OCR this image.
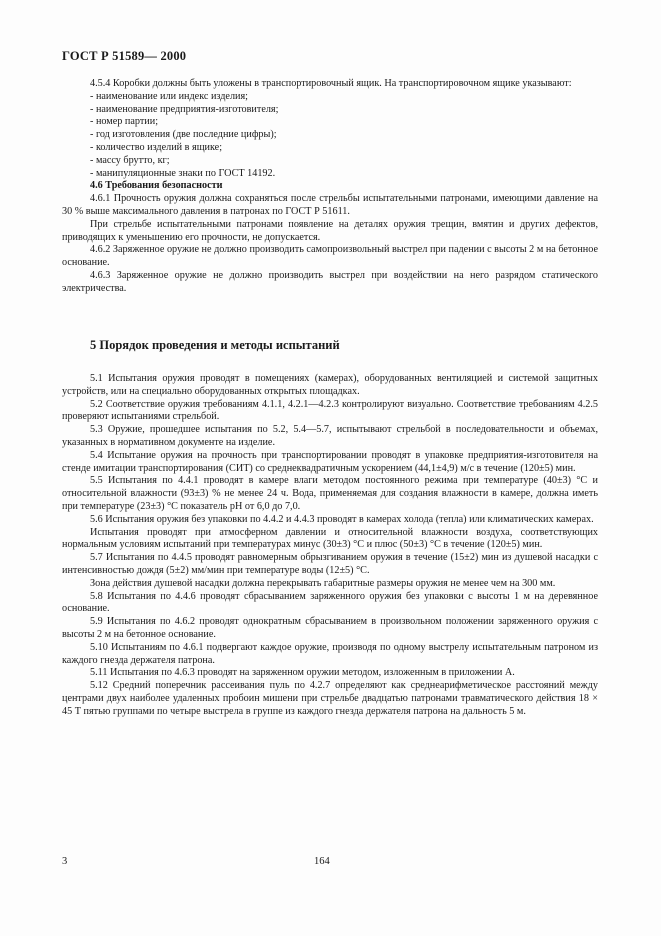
ГОСТ Р 51589— 2000

4.5.4 Коробки должны быть уложены в транспортировочный ящик. На транспортировочном ящике указывают:

- наименование или индекс изделия;

- наименование предприятия-изготовителя;

- номер партии;

- год изготовления (две последние цифры);

- количество изделий в ящике;

- массу брутто, кг;

- манипуляционные знаки по ГОСТ 14192.

4.6 Требования безопасности

4.6.1 Прочность оружия должна сохраняться после стрельбы испытательными патронами, имеющими давление на 30 % выше максимального давления в патронах по ГОСТ Р 51611.

При стрельбе испытательными патронами появление на деталях оружия трещин, вмятин и других дефектов, приводящих к уменьшению его прочности, не допускается.

4.6.2 Заряженное оружие не должно производить самопроизвольный выстрел при падении с высоты 2 м на бетонное основание.

4.6.3 Заряженное оружие не должно производить выстрел при воздействии на него разрядом статического электричества.

5 Порядок проведения и методы испытаний

5.1 Испытания оружия проводят в помещениях (камерах), оборудованных вентиляцией и системой защитных устройств, или на специально оборудованных открытых площадках.

5.2 Соответствие оружия требованиям 4.1.1, 4.2.1—4.2.3 контролируют визуально. Соответствие требованиям 4.2.5 проверяют испытаниями стрельбой.

5.3 Оружие, прошедшее испытания по 5.2, 5.4—5.7, испытывают стрельбой в последовательности и объемах, указанных в нормативном документе на изделие.

5.4 Испытание оружия на прочность при транспортировании проводят в упаковке предприятия-изготовителя на стенде имитации транспортирования (СИТ) со среднеквадратичным ускорением (44,1±4,9) м/с в течение (120±5) мин.

5.5 Испытания по 4.4.1 проводят в камере влаги методом постоянного режима при температуре (40±3) °С и относительной влажности (93±3) % не менее 24 ч. Вода, применяемая для создания влажности в камере, должна иметь при температуре (23±3) °С показатель pH от 6,0 до 7,0.

5.6 Испытания оружия без упаковки по 4.4.2 и 4.4.3 проводят в камерах холода (тепла) или климатических камерах.

Испытания проводят при атмосферном давлении и относительной влажности воздуха, соответствующих нормальным условиям испытаний при температурах минус (30±3) °С и плюс (50±3) °С в течение (120±5) мин.

5.7 Испытания по 4.4.5 проводят равномерным обрызгиванием оружия в течение (15±2) мин из душевой насадки с интенсивностью дождя (5±2) мм/мин при температуре воды (12±5) °С.

Зона действия душевой насадки должна перекрывать габаритные размеры оружия не менее чем на 300 мм.

5.8 Испытания по 4.4.6 проводят сбрасыванием заряженного оружия без упаковки с высоты 1 м на деревянное основание.

5.9 Испытания по 4.6.2 проводят однократным сбрасыванием в произвольном положении заряженного оружия с высоты 2 м на бетонное основание.

5.10 Испытаниям по 4.6.1 подвергают каждое оружие, производя по одному выстрелу испытательным патроном из каждого гнезда держателя патрона.

5.11 Испытания по 4.6.3 проводят на заряженном оружии методом, изложенным в приложении А.

5.12 Средний поперечник рассеивания пуль по 4.2.7 определяют как среднеарифметическое расстояний между центрами двух наиболее удаленных пробоин мишени при стрельбе двадцатью патронами травматического действия 18 × 45 Т пятью группами по четыре выстрела в группе из каждого гнезда держателя патрона на дальность 5 м.

3	164
